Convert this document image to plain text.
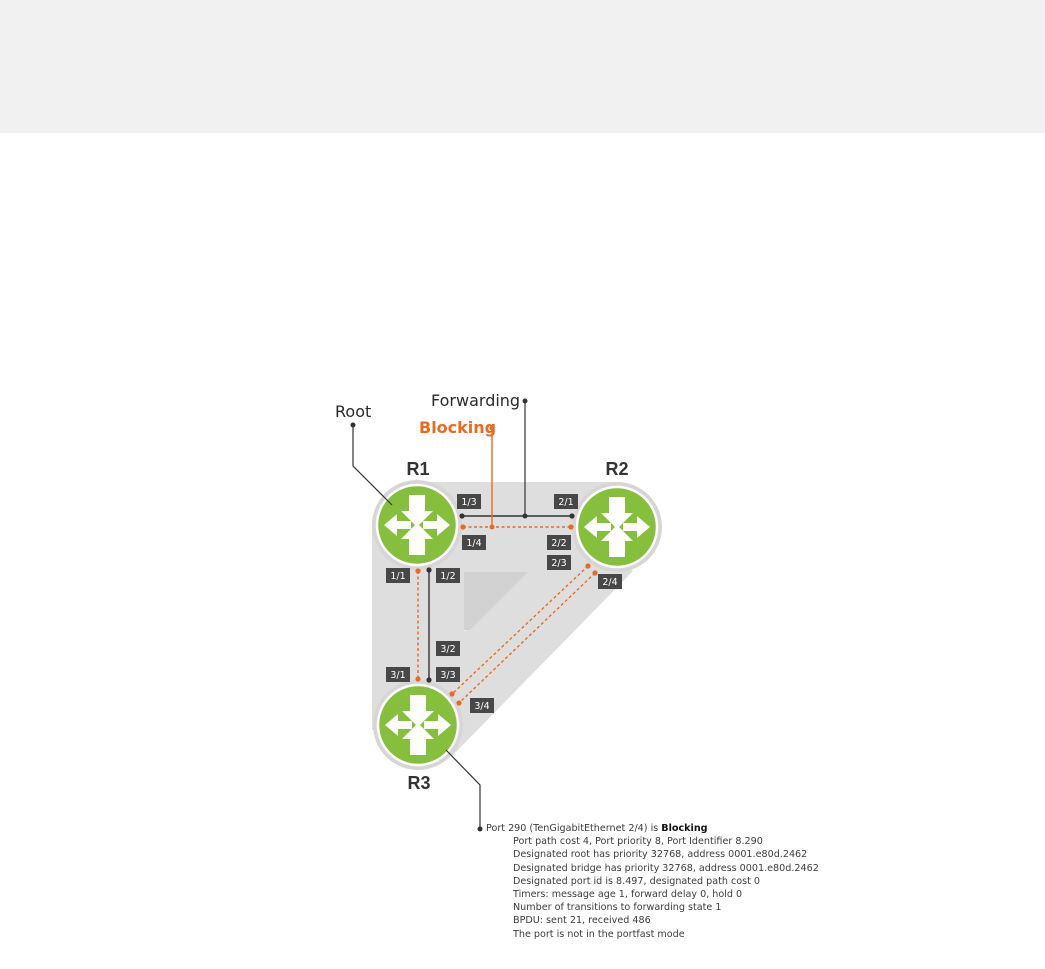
R1	R2
R3
Root
Forwarding
Blocking
1/3
1/4
2/1
2/2
2/3
2/4
1/1	1/2
3/2
3/1	3/3
3/4
Port 290 (TenGigabitEthernet 2/4) is Blocking
Port path cost 4, Port priority 8, Port Identifier 8.290
Designated root has priority 32768, address 0001.e80d.2462
Designated bridge has priority 32768, address 0001.e80d.2462
Designated port id is 8.497, designated path cost 0
Timers: message age 1, forward delay 0, hold 0
Number of transitions to forwarding state 1
BPDU: sent 21, received 486
The port is not in the portfast mode
